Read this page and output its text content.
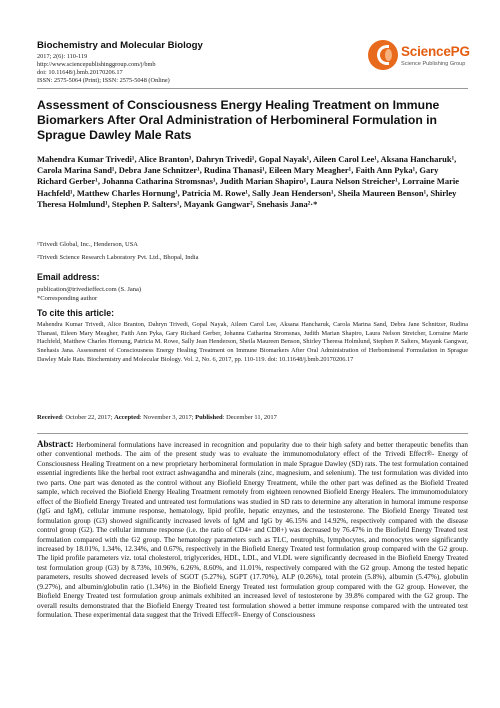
Biochemistry and Molecular Biology
2017; 2(6): 110-119
http://www.sciencepublishinggroup.com/j/bmb
doi: 10.11648/j.bmb.20170206.17
ISSN: 2575-5064 (Print); ISSN: 2575-5048 (Online)
SciencePG
Science Publishing Group
Assessment of Consciousness Energy Healing Treatment on Immune Biomarkers After Oral Administration of Herbomineral Formulation in Sprague Dawley Male Rats
Mahendra Kumar Trivedi¹, Alice Branton¹, Dahryn Trivedi¹, Gopal Nayak¹, Aileen Carol Lee¹, Aksana Hancharuk¹, Carola Marina Sand¹, Debra Jane Schnitzer¹, Rudina Thanasi¹, Eileen Mary Meagher¹, Faith Ann Pyka¹, Gary Richard Gerber¹, Johanna Catharina Stromsnas¹, Judith Marian Shapiro¹, Laura Nelson Streicher¹, Lorraine Marie Hachfeld¹, Matthew Charles Hornung¹, Patricia M. Rowe¹, Sally Jean Henderson¹, Sheila Maureen Benson¹, Shirley Theresa Holmlund¹, Stephen P. Salters¹, Mayank Gangwar², Snehasis Jana²·*
¹Trivedi Global, Inc., Henderson, USA
²Trivedi Science Research Laboratory Pvt. Ltd., Bhopal, India
Email address:
publication@trivedieffect.com (S. Jana)
*Corresponding author
To cite this article:

Mahendra Kumar Trivedi, Alice Branton, Dahryn Trivedi, Gopal Nayak, Aileen Carol Lee, Aksana Hancharuk, Carola Marina Sand, Debra Jane Schnitzer, Rudina Thanasi, Eileen Mary Meagher, Faith Ann Pyka, Gary Richard Gerber, Johanna Catharina Stromsnas, Judith Marian Shapiro, Laura Nelson Streicher, Lorraine Marie Hachfeld, Matthew Charles Hornung, Patricia M. Rowe, Sally Jean Henderson, Sheila Maureen Benson, Shirley Theresa Holmlund, Stephen P. Salters, Mayank Gangwar, Snehasis Jana. Assessment of Consciousness Energy Healing Treatment on Immune Biomarkers After Oral Administration of Herbomineral Formulation in Sprague Dawley Male Rats. Biochemistry and Molecular Biology. Vol. 2, No. 6, 2017, pp. 110-119. doi: 10.11648/j.bmb.20170206.17

Received: October 22, 2017; Accepted: November 3, 2017; Published: December 11, 2017

Abstract: Herbomineral formulations have increased in recognition and popularity due to their high safety and better therapeutic benefits than other conventional methods. The aim of the present study was to evaluate the immunomodulatory effect of the Trivedi Effect®- Energy of Consciousness Healing Treatment on a new proprietary herbomineral formulation in male Sprague Dawley (SD) rats. The test formulation contained essential ingredients like the herbal root extract ashwagandha and minerals (zinc, magnesium, and selenium). The test formulation was divided into two parts. One part was denoted as the control without any Biofield Energy Treatment, while the other part was defined as the Biofield Treated sample, which received the Biofield Energy Healing Treatment remotely from eighteen renowned Biofield Energy Healers. The immunomodulatory effect of the Biofield Energy Treated and untreated test formulations was studied in SD rats to determine any alteration in humoral immune response (IgG and IgM), cellular immune response, hematology, lipid profile, hepatic enzymes, and the testosterone. The Biofield Energy Treated test formulation group (G3) showed significantly increased levels of IgM and IgG by 46.15% and 14.92%, respectively compared with the disease control group (G2). The cellular immune response (i.e. the ratio of CD4+ and CD8+) was decreased by 76.47% in the Biofield Energy Treated test formulation compared with the G2 group. The hematology parameters such as TLC, neutrophils, lymphocytes, and monocytes were significantly increased by 18.01%, 1.34%, 12.34%, and 0.67%, respectively in the Biofield Energy Treated test formulation group compared with the G2 group. The lipid profile parameters viz. total cholesterol, triglycerides, HDL, LDL, and VLDL were significantly decreased in the Biofield Energy Treated test formulation group (G3) by 8.73%, 10.96%, 6.26%, 8.60%, and 11.01%, respectively compared with the G2 group. Among the tested hepatic parameters, results showed decreased levels of SGOT (5.27%), SGPT (17.70%), ALP (0.26%), total protein (5.8%), albumin (5.47%), globulin (9.27%), and albumin/globulin ratio (1.34%) in the Biofield Energy Treated test formulation group compared with the G2 group. However, the Biofield Energy Treated test formulation group animals exhibited an increased level of testosterone by 39.8% compared with the G2 group. The overall results demonstrated that the Biofield Energy Treated test formulation showed a better immune response compared with the untreated test formulation. These experimental data suggest that the Trivedi Effect®- Energy of Consciousness
